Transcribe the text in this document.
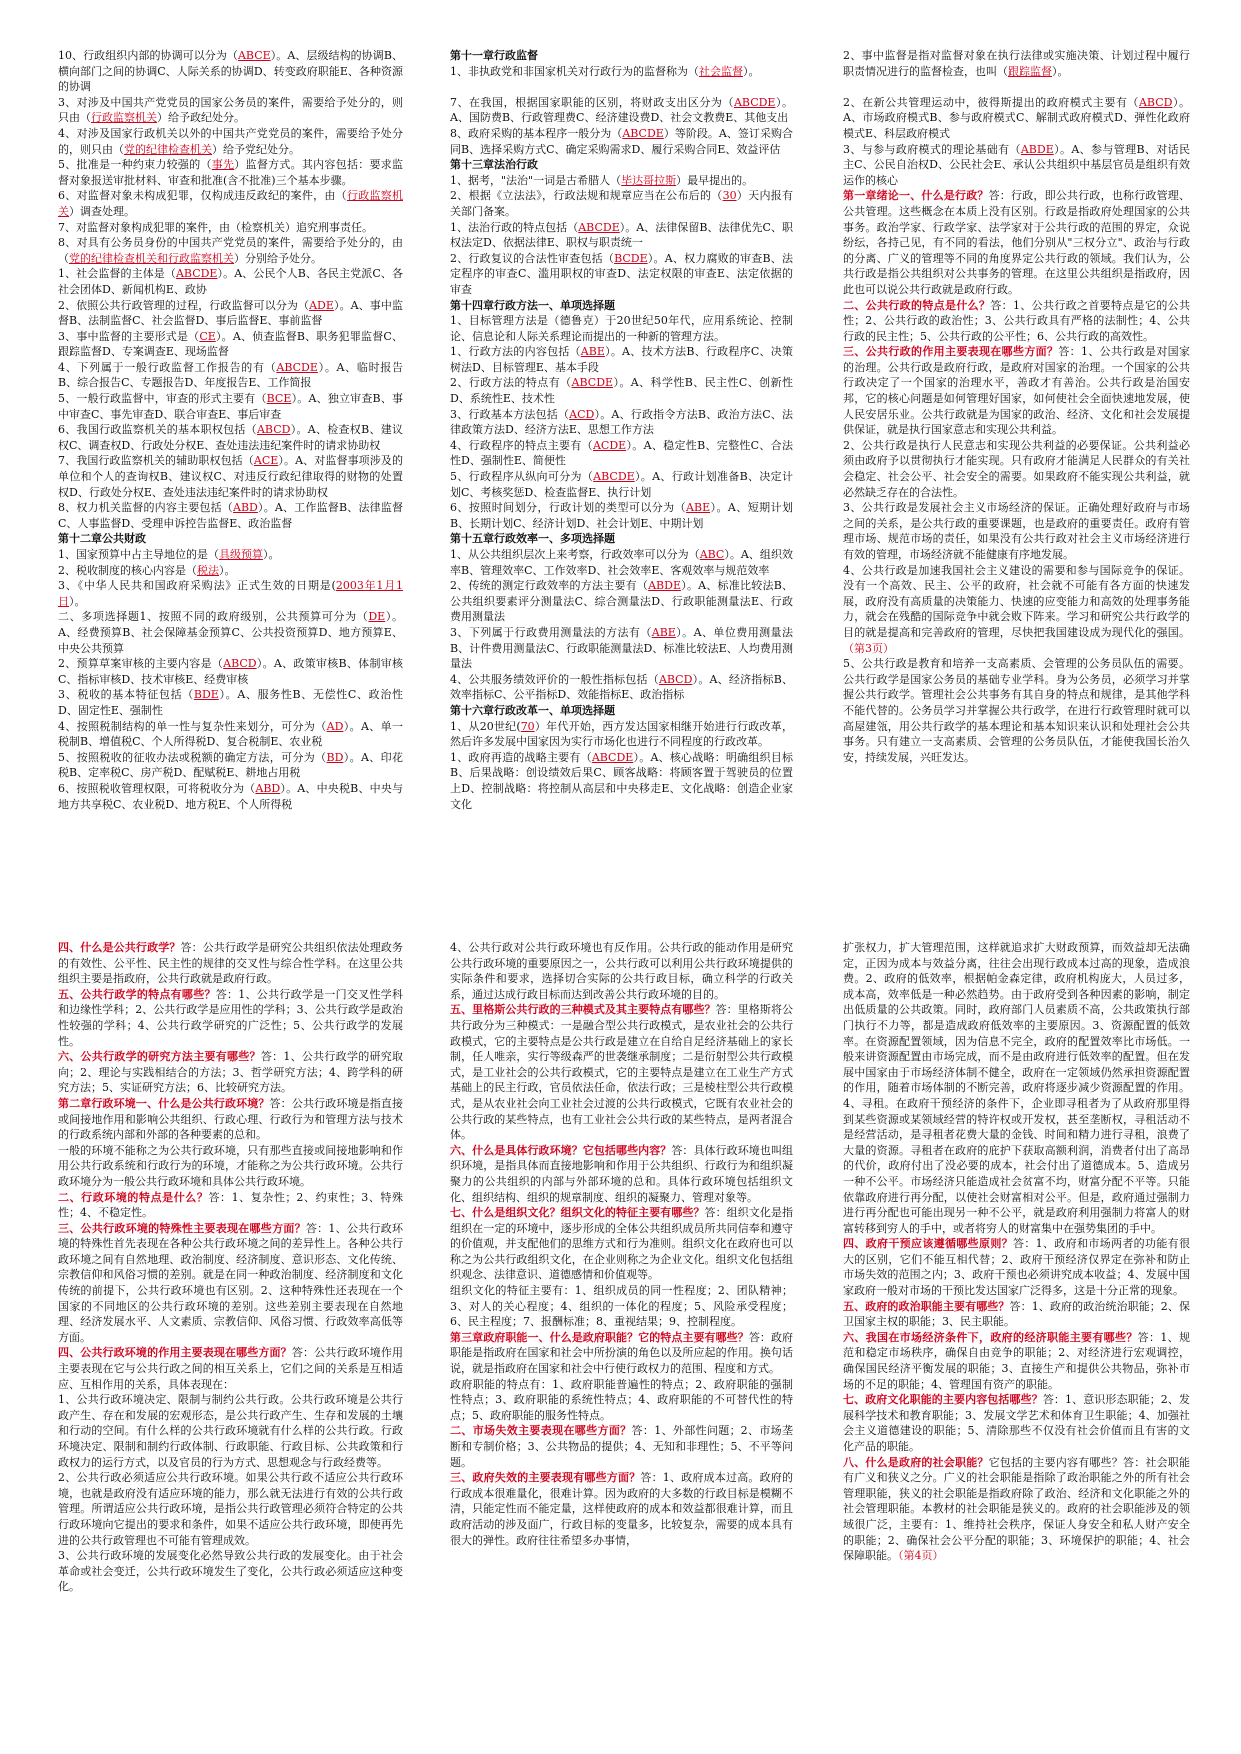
10、行政组织内部的协调可以分为（ABCE）。A、层级结构的协调B、横向部门之间的协调C、人际关系的协调D、转变政府职能E、各种资源的协调

3、对涉及中国共产党党员的国家公务员的案件，需要给予处分的，则只由（行政监察机关）给予政纪处分。

4、对涉及国家行政机关以外的中国共产党党员的案件，需要给予处分的，则只由（党的纪律检查机关）给予党纪处分。

5、批准是一种约束力较强的（事先）监督方式。其内容包括：要求监督对象报送审批材料、审查和批准(含不批准)三个基本步骤。

6、对监督对象未构成犯罪，仅构成违反政纪的案件，由（行政监察机关）调查处理。

7、对监督对象构成犯罪的案件，由（检察机关）追究刑事责任。

8、对具有公务员身份的中国共产党党员的案件，需要给予处分的，由（党的纪律检查机关和行政监察机关）分别给予处分。

1、社会监督的主体是（ABCDE）。A、公民个人B、各民主党派C、各社会团体D、新闻机构E、政协

2、依照公共行政管理的过程，行政监督可以分为（ADE）。A、事中监督B、法制监督C、社会监督D、事后监督E、事前监督

3、事中监督的主要形式是（CE）。A、侦查监督B、职务犯罪监督C、跟踪监督D、专案调查E、现场监督

4、下列属于一般行政监督工作报告的有（ABCDE）。A、临时报告B、综合报告C、专题报告D、年度报告E、工作简报

5、一般行政监督中，审查的形式主要有（BCE）。A、独立审查B、事中审查C、事先审查D、联合审查E、事后审查

6、我国行政监察机关的基本职权包括（ABCD）。A、检查权B、建议权C、调查权D、行政处分权E、查处违法违纪案件时的请求协助权

7、我国行政监察机关的辅助职权包括（ACE）。A、对监督事项涉及的单位和个人的查询权B、建议权C、对违反行政纪律取得的财物的处置权D、行政处分权E、查处违法违纪案件时的请求协助权

8、权力机关监督的内容主要包括（ABD）。A、工作监督B、法律监督C、人事监督D、受理申诉控告监督E、政治监督

第十二章公共财政

1、国家预算中占主导地位的是（具级预算）。

2、税收制度的核心内容是（税法）。

3、《中华人民共和国政府采购法》正式生效的日期是(2003年1月1日）。

二、多项选择题1、按照不同的政府级别，公共预算可分为（DE）。A、经费预算B、社会保障基金预算C、公共投资预算D、地方预算E、中央公共预算

2、预算草案审核的主要内容是（ABCD）。A、政策审核B、体制审核C、指标审核D、技术审核E、经费审核

3、税收的基本特征包括（BDE）。A、服务性B、无偿性C、政治性D、固定性E、强制性

4、按照税制结构的单一性与复杂性来划分，可分为（AD）。A、单一税制B、增值税C、个人所得税D、复合税制E、农业税

5、按照税收的征收办法或税额的确定方法，可分为（BD）。A、印花税B、定率税C、房产税D、配赋税E、耕地占用税

6、按照税收管理权限，可将税收分为（ABD）。A、中央税B、中央与地方共享税C、农业税D、地方税E、个人所得税

第十一章行政监督

1、非执政党和非国家机关对行政行为的监督称为（社会监督）。

7、在我国，根据国家职能的区别，将财政支出区分为（ABCDE）。A、国防费B、行政管理费C、经济建设费D、社会文教费E、其他支出

8、政府采购的基本程序一般分为（ABCDE）等阶段。A、签订采购合同B、选择采购方式C、确定采购需求D、履行采购合同E、效益评估

第十三章法治行政

1、据考，"法治"一词是古希腊人（毕达哥拉斯）最早提出的。

2、根据《立法法》，行政法规和规章应当在公布后的（30）天内报有关部门备案。

1、法治行政的特点包括（ABCDE）。A、法律保留B、法律优先C、职权法定D、依据法律E、职权与职责统一

2、行政复议的合法性审查包括（BCDE）。A、权力腐败的审查B、法定程序的审查C、滥用职权的审查D、法定权限的审查E、法定依据的审查

第十四章行政方法一、单项选择题

1、目标管理方法是（德鲁克）于20世纪50年代，应用系统论、控制论、信息论和人际关系理论而提出的一种新的管理方法。

1、行政方法的内容包括（ABE）。A、技术方法B、行政程序C、决策树法D、目标管理E、基本手段

2、行政方法的特点有（ABCDE）。A、科学性B、民主性C、创新性D、系统性E、技术性

3、行政基本方法包括（ACD）。A、行政指令方法B、政治方法C、法律政策方法D、经济方法E、思想工作方法

4、行政程序的特点主要有（ACDE）。A、稳定性B、完整性C、合法性D、强制性E、简便性

5、行政程序从纵向可分为（ABCDE）。A、行政计划准备B、决定计划C、考核奖惩D、检查监督E、执行计划

6、按照时间划分，行政计划的类型可以分为（ABE）。A、短期计划B、长期计划C、经济计划D、社会计划E、中期计划

第十五章行政效率一、多项选择题

1、从公共组织层次上来考察，行政效率可以分为（ABC）。A、组织效率B、管理效率C、工作效率D、社会效率E、客观效率与规范效率

2、传统的测定行政效率的方法主要有（ABDE）。A、标准比较法B、公共组织要素评分测量法C、综合测量法D、行政职能测量法E、行政费用测量法

3、下列属于行政费用测量法的方法有（ABE）。A、单位费用测量法B、计件费用测量法C、行政职能测量法D、标准比较法E、人均费用测量法

4、公共服务绩效评价的一般性指标包括（ABCD）。A、经济指标B、效率指标C、公平指标D、效能指标E、政治指标

第十六章行政改革一、单项选择题

1、从20世纪(70）年代开始，西方发达国家相继开始进行行政改革，然后许多发展中国家因为实行市场化也进行不同程度的行政改革。

1、政府再造的战略主要有（ABCDE）。A、核心战略：明确组织目标B、后果战略：创设绩效后果C、顾客战略：将顾客置于驾驶员的位置上D、控制战略：将控制从高层和中央移走E、文化战略：创造企业家文化

2、事中监督是指对监督对象在执行法律或实施决策、计划过程中履行职责情况进行的监督检查，也叫（跟踪监督）。

2、在新公共管理运动中，彼得斯提出的政府模式主要有（ABCD）。A、市场政府模式B、参与政府模式C、解制式政府模式D、弹性化政府模式E、科层政府模式

3、与参与政府模式的理论基础有（ABDE）。A、参与管理B、对话民主C、公民自治权D、公民社会E、承认公共组织中基层官员是组织有效运作的核心

第一章绪论一、什么是行政？答：行政，即公共行政，也称行政管理、公共管理。这些概念在本质上没有区别。行政是指政府处理国家的公共事务。政治学家、行政学家、法学家对于公共行政的范围的界定，众说纷纭，各持己见，有不同的看法，他们分别从"三权分立"、政治与行政的分离、广义的管理等不同的角度界定公共行政的领域。我们认为，公共行政是指公共组织对公共事务的管理。在这里公共组织是指政府，因此也可以说公共行政就是政府行政。

二、公共行政的特点是什么？答：1、公共行政之首要特点是它的公共性；2、公共行政的政治性；3、公共行政具有严格的法制性；4、公共行政的民主性；5、公共行政的公平性；6、公共行政的高效性。

三、公共行政的作用主要表现在哪些方面？答：1、公共行政是对国家的治理。公共行政是政府行政，是政府对国家的治理。一个国家的公共行政决定了一个国家的治理水平，善政才有善治。公共行政是治国安邦，它的核心问题是如何管理好国家，如何使社会全面快速地发展，使人民安居乐业。公共行政就是为国家的政治、经济、文化和社会发展提供保证，就是执行国家意志和实现公共利益。

2、公共行政是执行人民意志和实现公共利益的必要保证。公共利益必须由政府予以贯彻执行才能实现。只有政府才能满足人民群众的有关社会稳定、社会公平、社会安全的需要。如果政府不能实现公共利益，就必然缺乏存在的合法性。

3、公共行政是发展社会主义市场经济的保证。正确处理好政府与市场之间的关系，是公共行政的重要课题，也是政府的重要责任。政府有管理市场、规范市场的责任，如果没有公共行政对社会主义市场经济进行有效的管理，市场经济就不能健康有序地发展。

4、公共行政是加速我国社会主义建设的需要和参与国际竞争的保证。没有一个高效、民主、公平的政府，社会就不可能有各方面的快速发展，政府没有高质量的决策能力、快速的应变能力和高效的处理事务能力，就会在残酷的国际竞争中就会败下阵来。学习和研究公共行政学的目的就是提高和完善政府的管理，尽快把我国建设成为现代化的强国。（第3页）

5、公共行政是教育和培养一支高素质、会管理的公务员队伍的需要。公共行政学是国家公务员的基础专业学科。身为公务员，必须学习并掌握公共行政学。管理社会公共事务有其自身的特点和规律，是其他学科不能代替的。公务员学习并掌握公共行政学，在进行行政管理时就可以高屋建瓴，用公共行政学的基本理论和基本知识来认识和处理社会公共事务。只有建立一支高素质、会管理的公务员队伍，才能使我国长治久安，持续发展，兴旺发达。

四、什么是公共行政学？答：公共行政学是研究公共组织依法处理政务的有效性、公平性、民主性的规律的交叉性与综合性学科。在这里公共组织主要是指政府，公共行政就是政府行政。

五、公共行政学的特点有哪些？答：1、公共行政学是一门交叉性学科和边缘性学科；2、公共行政学是应用性的学科；3、公共行政学是政治性较强的学科；4、公共行政学研究的广泛性；5、公共行政学的发展性。

六、公共行政学的研究方法主要有哪些？答：1、公共行政学的研究取向；2、理论与实践相结合的方法；3、哲学研究方法；4、跨学科的研究方法；5、实证研究方法；6、比较研究方法。

第二章行政环境一、什么是公共行政环境？答：公共行政环境是指直接或间接地作用和影响公共组织、行政心理、行政行为和管理方法与技术的行政系统内部和外部的各种要素的总和。

一般的环境不能称之为公共行政环境，只有那些直接或间接地影响和作用公共行政系统和行政行为的环境，才能称之为公共行政环境。公共行政环境分为一般公共行政环境和具体公共行政环境。

二、行政环境的特点是什么？答：1、复杂性；2、约束性；3、特殊性；4、不稳定性。

三、公共行政环境的特殊性主要表现在哪些方面？答：1、公共行政环境的特殊性首先表现在各种公共行政环境之间的差异性上。各种公共行政环境之间有自然地理、政治制度、经济制度、意识形态、文化传统、宗教信仰和风俗习惯的差别。就是在同一种政治制度、经济制度和文化传统的前提下，公共行政环境也有区别。2、这种特殊性还表现在一个国家的不同地区的公共行政环境的差别。这些差别主要表现在自然地理、经济发展水平、人文素质、宗教信仰、风俗习惯、行政效率高低等方面。

四、公共行政环境的作用主要表现在哪些方面？答：公共行政环境作用主要表现在它与公共行政之间的相互关系上，它们之间的关系是互相适应、互相作用的关系，具体表现在：

1、公共行政环境决定、限制与制约公共行政。公共行政环境是公共行政产生、存在和发展的宏观形态，是公共行政产生、生存和发展的土壤和行动的空间。有什么样的公共行政环境就有什么样的公共行政。行政环境决定、限制和制约行政体制、行政职能、行政目标、公共政策和行政权力的运行方式，以及官员的行为方式、思想观念与行政经费等。

2、公共行政必须适应公共行政环境。如果公共行政不适应公共行政环境，也就是政府没有适应环境的能力，那么就无法进行有效的公共行政管理。所谓适应公共行政环境，是指公共行政管理必须符合特定的公共行政环境向它提出的要求和条件，如果不适应公共行政环境，即使再先进的公共行政管理也不可能有管理成效。

3、公共行政环境的发展变化必然导致公共行政的发展变化。由于社会革命或社会变迁，公共行政环境发生了变化，公共行政必须适应这种变化。

4、公共行政对公共行政环境也有反作用。公共行政的能动作用是研究公共行政环境的重要原因之一，公共行政可以利用公共行政环境提供的实际条件和要求，选择切合实际的公共行政目标，确立科学的行政关系，通过达成行政目标而达到改善公共行政环境的目的。

五、里格斯公共行政的三种模式及其主要特点有哪些？答：里格斯将公共行政分为三种模式：一是融合型公共行政模式，是农业社会的公共行政模式，它的主要特点是公共行政是建立在自给自足经济基础上的家长制，任人唯亲，实行等级森严的世袭继承制度；二是衍射型公共行政模式，是工业社会的公共行政模式，它的主要特点是建立在工业生产方式基础上的民主行政，官员依法任命，依法行政；三是棱柱型公共行政模式，是从农业社会向工业社会过渡的公共行政模式，它既有农业社会的公共行政的某些特点，也有工业社会公共行政的某些特点，是两者混合体。

六、什么是具体行政环境？它包括哪些内容？答：具体行政环境也叫组织环境，是指具体而直接地影响和作用于公共组织、行政行为和组织凝聚力的公共组织的内部与外部环境的总和。具体行政环境包括组织文化、组织结构、组织的规章制度、组织的凝聚力、管理对象等。

七、什么是组织文化？组织文化的特征主要有哪些？答：组织文化是指组织在一定的环境中，逐步形成的全体公共组织成员所共同信奉和遵守的价值观，并支配他们的思维方式和行为准则。组织文化在政府也可以称之为公共行政组织文化，在企业则称之为企业文化。组织文化包括组织观念、法律意识、道德感情和价值观等。

组织文化的特征主要有：1、组织成员的同一性程度；2、团队精神；3、对人的关心程度；4、组织的一体化的程度；5、风险承受程度；6、民主程度；7、报酬标准；8、重视结果；9、控制程度。

第三章政府职能一、什么是政府职能？它的特点主要有哪些？答：政府职能是指政府在国家和社会中所扮演的角色以及所应起的作用。换句话说，就是指政府在国家和社会中行使行政权力的范围、程度和方式。

政府职能的特点有：1、政府职能普遍性的特点；2、政府职能的强制性特点；3、政府职能的系统性特点；4、政府职能的不可替代性的特点；5、政府职能的服务性特点。

二、市场失效主要表现在哪些方面？答：1、外部性问题；2、市场垄断和专制价格；3、公共物品的提供；4、无知和非理性；5、不平等问题。

三、政府失效的主要表现有哪些方面？答：1、政府成本过高。政府的行政成本很难量化，很难计算。因为政府的大多数的行政目标是模糊不清，只能定性而不能定量，这样使政府的成本和效益都很难计算，而且政府活动的涉及面广，行政目标的变量多，比较复杂，需要的成本具有很大的弹性。政府往往希望多办事情，

扩张权力，扩大管理范围，这样就追求扩大财政预算，而效益却无法确定，正因为成本与效益分离，往往会出现行政成本过高的现象，造成浪费。2、政府的低效率，根据帕金森定律，政府机构庞大，人员过多，成本高，效率低是一种必然趋势。由于政府受到各种因素的影响，制定出低质量的公共政策。同时，政府部门人员素质不高，公共政策执行部门执行不力等，都是造成政府低效率的主要原因。3、资源配置的低效率。在资源配置领域，因为信息不完全，政府的配置效率比市场低。一般来讲资源配置由市场完成，而不是由政府进行低效率的配置。但在发展中国家由于市场经济体制不健全，政府在一定领域仍然承担资源配置的作用，随着市场体制的不断完善，政府将逐步减少资源配置的作用。4、寻租。在政府干预经济的条件下，企业即寻租者为了从政府那里得到某些资源或某领域经营的特许权或开发权，甚至垄断权，寻租活动不是经营活动，是寻租者花费大量的金钱、时间和精力进行寻租，浪费了大量的资源。寻租者在政府的庇护下获取高额利润，消费者付出了高昂的代价，政府付出了没必要的成本，社会付出了道德成本。5、造成另一种不公平。市场经济只能造成社会贫富不均，财富分配不平等。只能依靠政府进行再分配，以使社会财富相对公平。但是，政府通过强制力进行再分配也可能出现另一种不公平，就是政府利用强制力将富人的财富转移到穷人的手中，或者将穷人的财富集中在强势集团的手中。

四、政府干预应该遵循哪些原则？答：1、政府和市场两者的功能有很大的区别，它们不能互相代替；2、政府干预经济仅界定在弥补和防止市场失效的范围之内；3、政府干预也必须讲究成本收益；4、发展中国家政府一般对市场的干预比发达国家广泛得多，这是十分正常的现象。

五、政府的政治职能主要有哪些？答：1、政府的政治统治职能；2、保卫国家主权的职能；3、民主职能。

六、我国在市场经济条件下，政府的经济职能主要有哪些？答：1、规范和稳定市场秩序，确保自由竞争的职能；2、对经济进行宏观调控，确保国民经济平衡发展的职能；3、直接生产和提供公共物品，弥补市场的不足的职能；4、管理国有资产的职能。

七、政府文化职能的主要内容包括哪些？答：1、意识形态职能；2、发展科学技术和教育职能；3、发展文学艺术和体育卫生职能；4、加强社会主义道德建设的职能；5、清除那些不仅没有社会价值而且有害的文化产品的职能。

八、什么是政府的社会职能？它包括的主要内容有哪些？答：社会职能有广义和狭义之分。广义的社会职能是指除了政治职能之外的所有社会管理职能，狭义的社会职能是指政府除了政治、经济和文化职能之外的社会管理职能。本教材的社会职能是狭义的。政府的社会职能涉及的领域很广泛，主要有：1、维持社会秩序，保证人身安全和私人财产安全的职能；2、确保社会公平分配的职能；3、环境保护的职能；4、社会保障职能。（第4页）
